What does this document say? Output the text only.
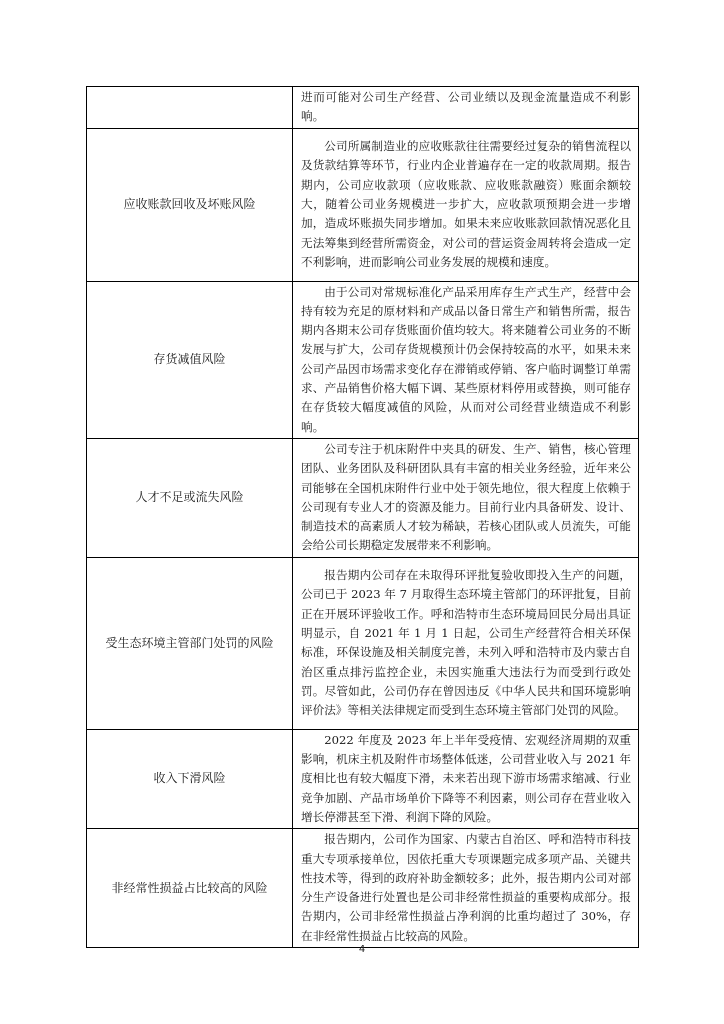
	进而可能对公司生产经营、公司业绩以及现金流量造成不利影响。

应收账款回收及坏账风险	公司所属制造业的应收账款往往需要经过复杂的销售流程以及货款结算等环节，行业内企业普遍存在一定的收款周期。报告期内，公司应收款项（应收账款、应收账款融资）账面余额较大，随着公司业务规模进一步扩大，应收款项预期会进一步增加，造成坏账损失同步增加。如果未来应收账款回款情况恶化且无法筹集到经营所需资金，对公司的营运资金周转将会造成一定不利影响，进而影响公司业务发展的规模和速度。

存货减值风险	由于公司对常规标准化产品采用库存生产式生产，经营中会持有较为充足的原材料和产成品以备日常生产和销售所需，报告期内各期末公司存货账面价值均较大。将来随着公司业务的不断发展与扩大，公司存货规模预计仍会保持较高的水平，如果未来公司产品因市场需求变化存在滞销或停销、客户临时调整订单需求、产品销售价格大幅下调、某些原材料停用或替换，则可能存在存货较大幅度减值的风险，从而对公司经营业绩造成不利影响。

人才不足或流失风险	公司专注于机床附件中夹具的研发、生产、销售，核心管理团队、业务团队及科研团队具有丰富的相关业务经验，近年来公司能够在全国机床附件行业中处于领先地位，很大程度上依赖于公司现有专业人才的资源及能力。目前行业内具备研发、设计、制造技术的高素质人才较为稀缺，若核心团队或人员流失，可能会给公司长期稳定发展带来不利影响。

受生态环境主管部门处罚的风险	报告期内公司存在未取得环评批复验收即投入生产的问题，公司已于 2023 年 7 月取得生态环境主管部门的环评批复，目前正在开展环评验收工作。呼和浩特市生态环境局回民分局出具证明显示，自 2021 年 1 月 1 日起，公司生产经营符合相关环保标准，环保设施及相关制度完善，未列入呼和浩特市及内蒙古自治区重点排污监控企业，未因实施重大违法行为而受到行政处罚。尽管如此，公司仍存在曾因违反《中华人民共和国环境影响评价法》等相关法律规定而受到生态环境主管部门处罚的风险。

收入下滑风险	2022 年度及 2023 年上半年受疫情、宏观经济周期的双重影响，机床主机及附件市场整体低迷，公司营业收入与 2021 年度相比也有较大幅度下滑，未来若出现下游市场需求缩减、行业竞争加剧、产品市场单价下降等不利因素，则公司存在营业收入增长停滞甚至下滑、利润下降的风险。

非经常性损益占比较高的风险	报告期内，公司作为国家、内蒙古自治区、呼和浩特市科技重大专项承接单位，因依托重大专项课题完成多项产品、关键共性技术等，得到的政府补助金额较多；此外，报告期内公司对部分生产设备进行处置也是公司非经常性损益的重要构成部分。报告期内，公司非经常性损益占净利润的比重均超过了 30%，存在非经常性损益占比较高的风险。

4
